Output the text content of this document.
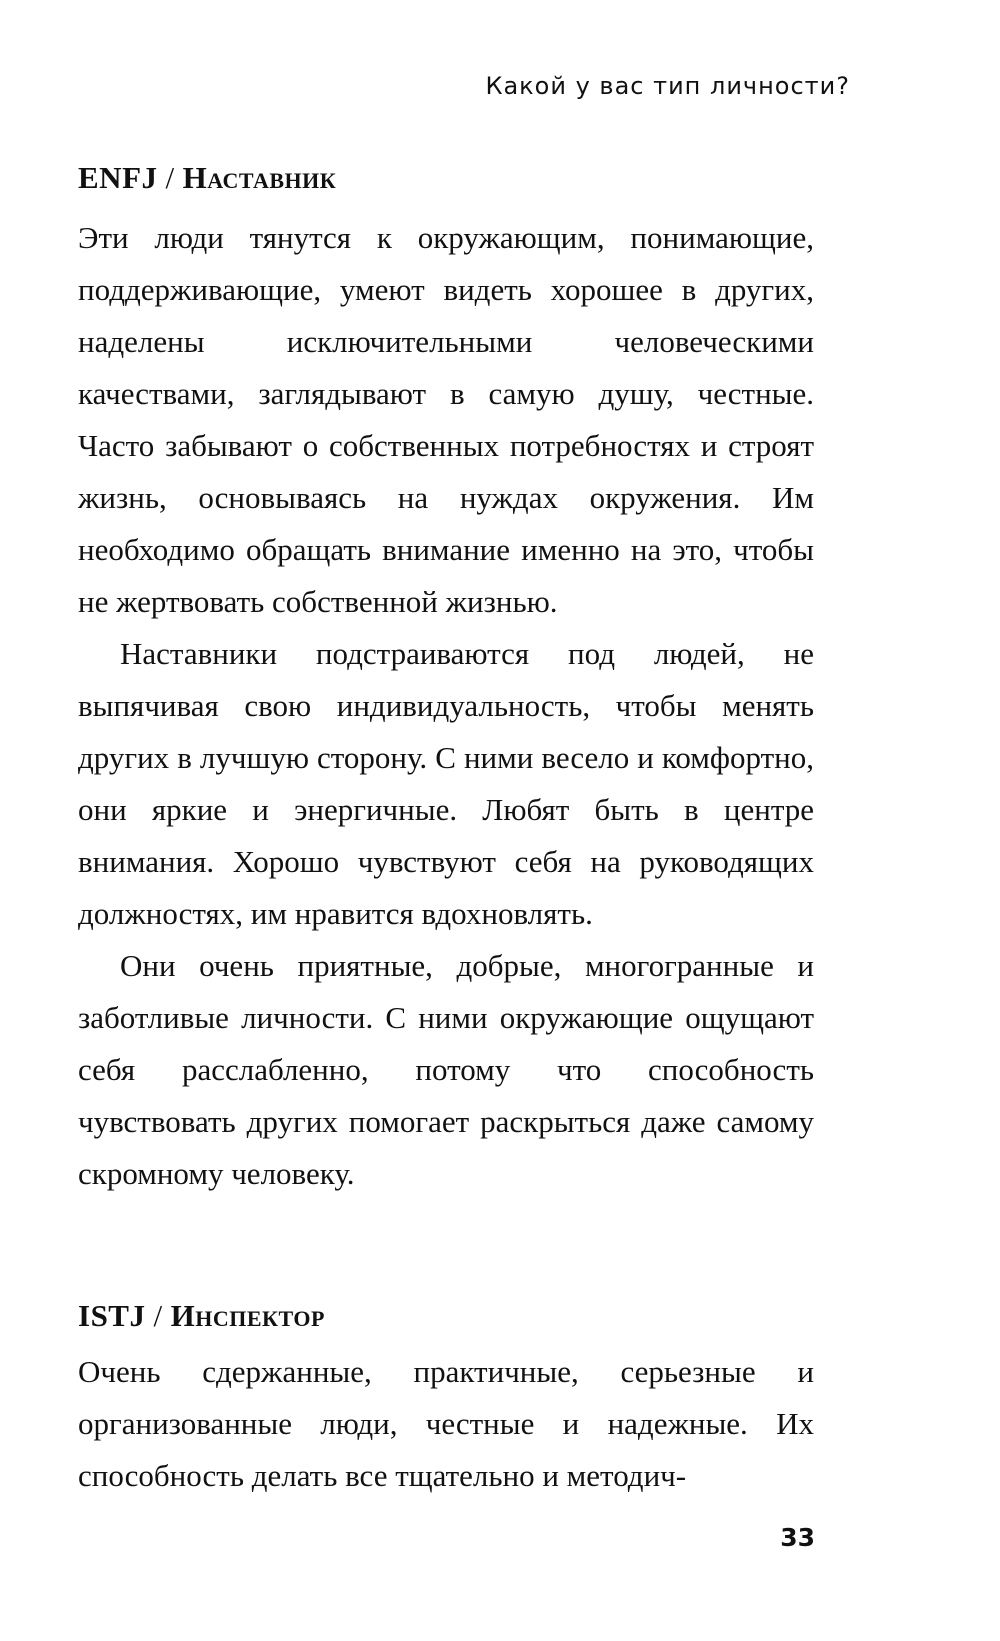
Какой у вас тип личности?
ENFJ / Наставник

Эти люди тянутся к окружающим, понимающие, поддерживающие, умеют видеть хорошее в других, наделены исключительными человеческими качествами, заглядывают в самую душу, честные. Часто забывают о собственных потребностях и строят жизнь, основываясь на нуждах окружения. Им необходимо обращать внимание именно на это, чтобы не жертвовать собственной жизнью.

Наставники подстраиваются под людей, не выпячивая свою индивидуальность, чтобы менять других в лучшую сторону. С ними весело и комфортно, они яркие и энергичные. Любят быть в центре внимания. Хорошо чувствуют себя на руководящих должностях, им нравится вдохновлять.

Они очень приятные, добрые, многогранные и заботливые личности. С ними окружающие ощущают себя расслабленно, потому что способность чувствовать других помогает раскрыться даже самому скромному человеку.

ISTJ / Инспектор

Очень сдержанные, практичные, серьезные и организованные люди, честные и надежные. Их способность делать все тщательно и методич-

33
